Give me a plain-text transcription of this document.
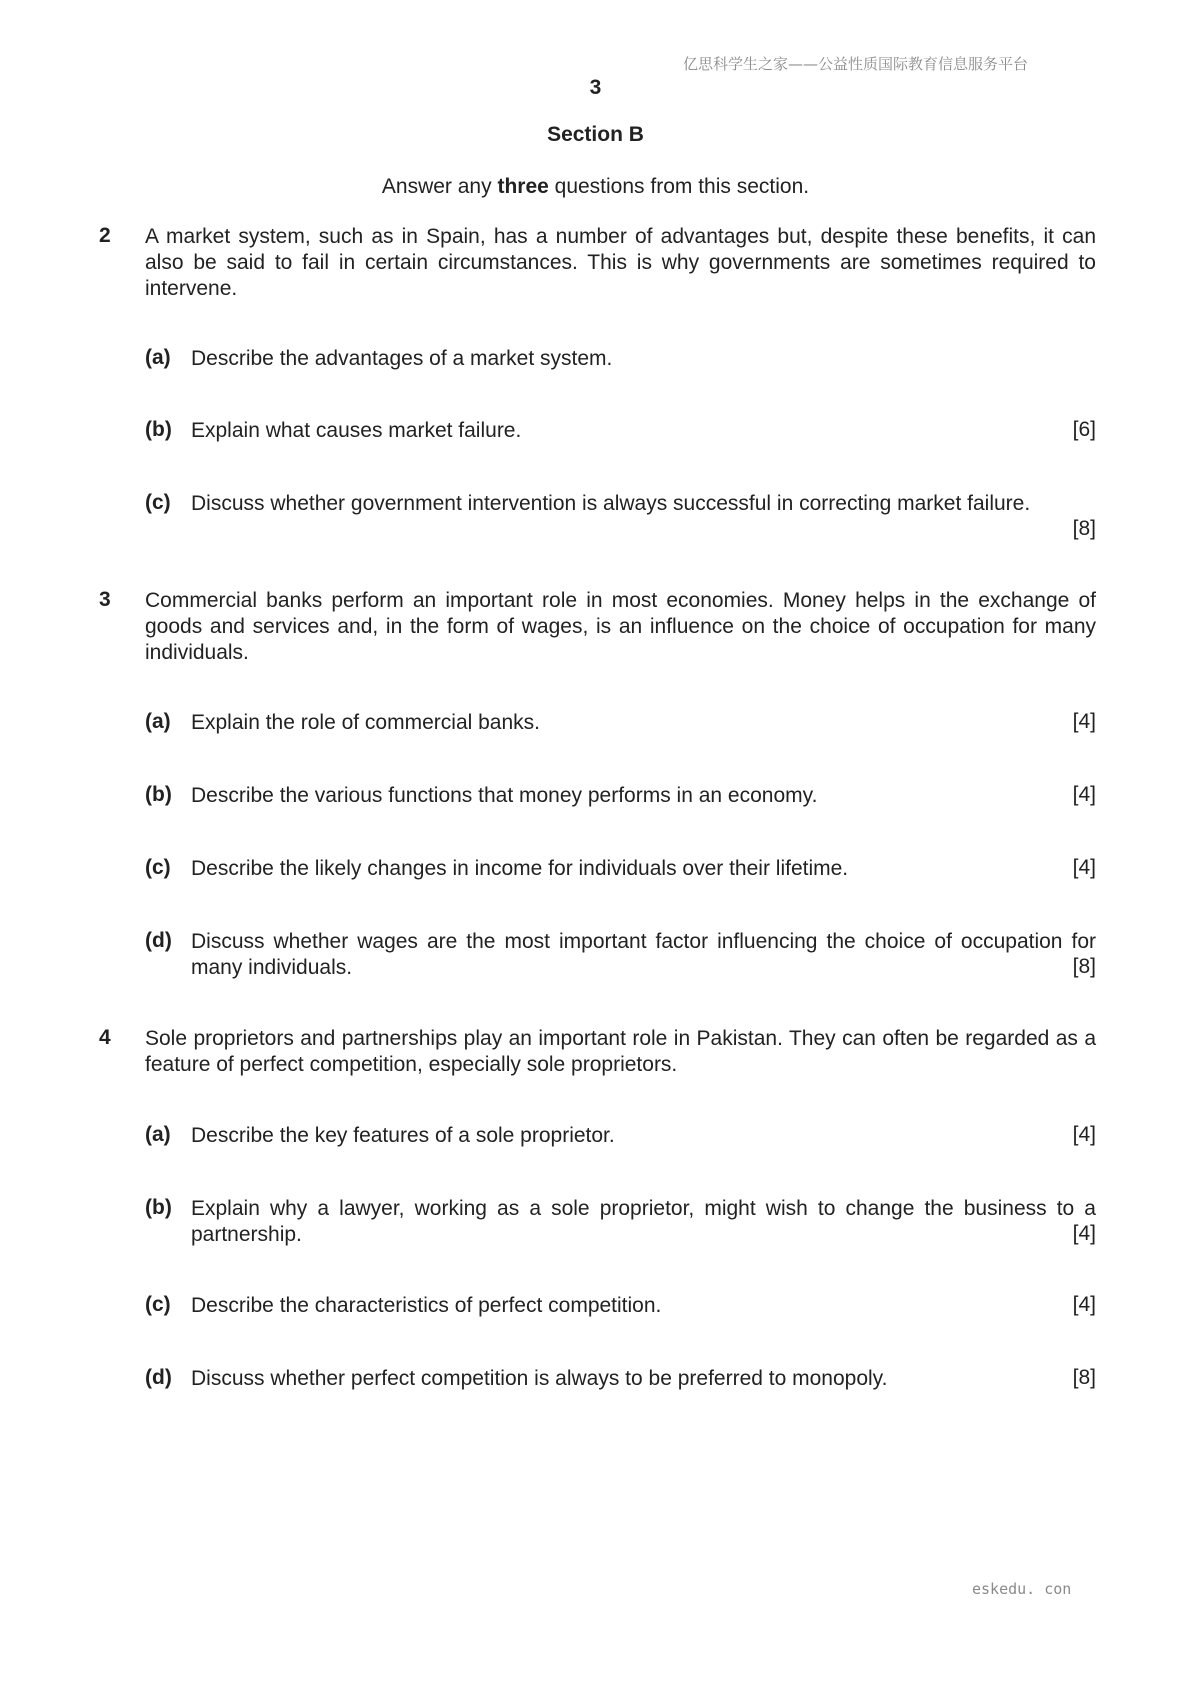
亿思科学生之家——公益性质国际教育信息服务平台
3
Section B
Answer any three questions from this section.
2 A market system, such as in Spain, has a number of advantages but, despite these benefits, it can also be said to fail in certain circumstances. This is why governments are sometimes required to intervene.
(a) Describe the advantages of a market system.
(b) Explain what causes market failure.	[6]
(c) Discuss whether government intervention is always successful in correcting market failure.
[8]
3 Commercial banks perform an important role in most economies. Money helps in the exchange of goods and services and, in the form of wages, is an influence on the choice of occupation for many individuals.
(a) Explain the role of commercial banks.	[4]
(b) Describe the various functions that money performs in an economy.	[4]
(c) Describe the likely changes in income for individuals over their lifetime.	[4]
(d) Discuss whether wages are the most important factor influencing the choice of occupation for many individuals.	[8]
4 Sole proprietors and partnerships play an important role in Pakistan. They can often be regarded as a feature of perfect competition, especially sole proprietors.
(a) Describe the key features of a sole proprietor.	[4]
(b) Explain why a lawyer, working as a sole proprietor, might wish to change the business to a partnership.	[4]
(c) Describe the characteristics of perfect competition.	[4]
(d) Discuss whether perfect competition is always to be preferred to monopoly.	[8]
eskedu. con
